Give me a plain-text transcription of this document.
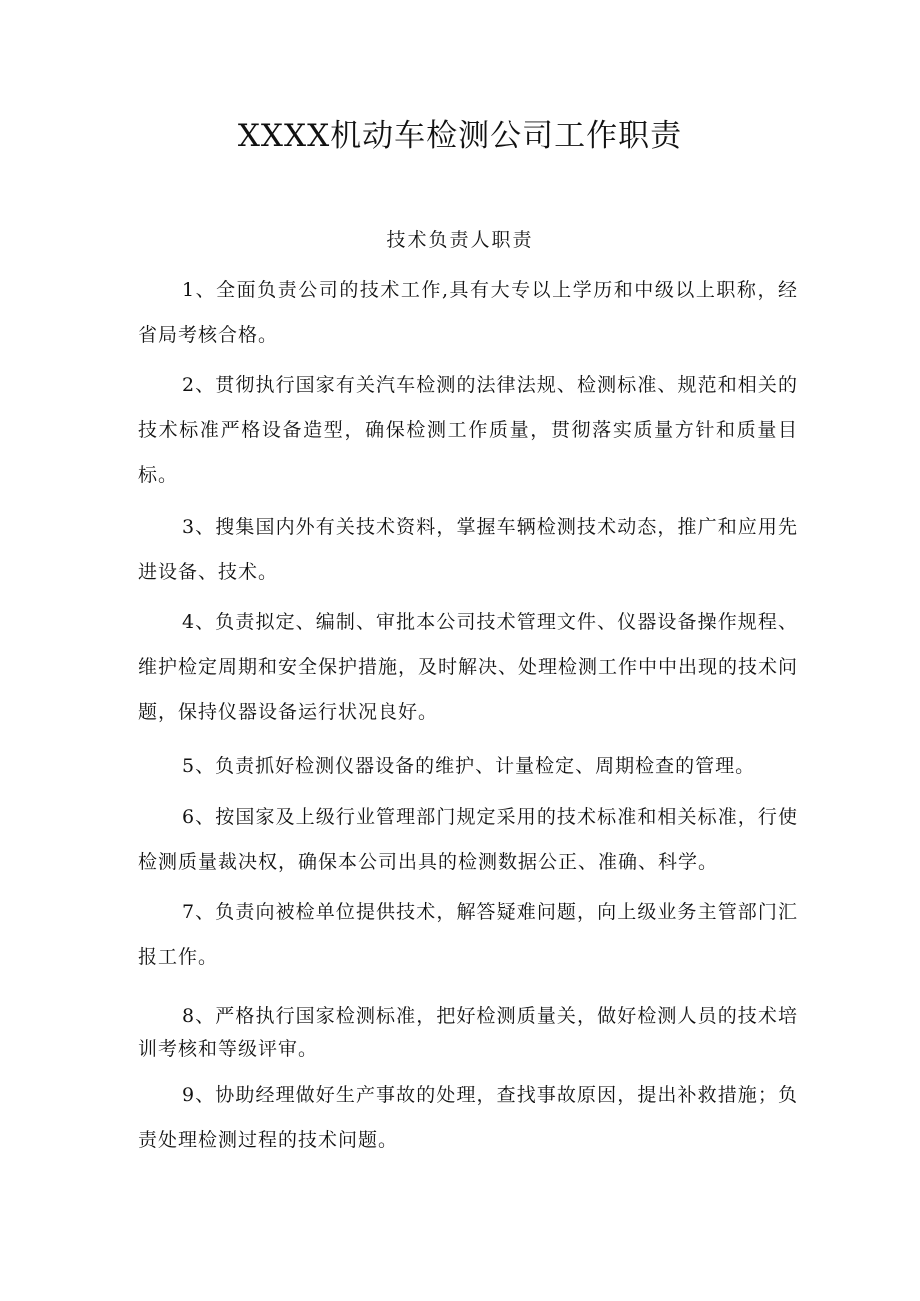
XXXX机动车检测公司工作职责
技术负责人职责

1、全面负责公司的技术工作,具有大专以上学历和中级以上职称，经省局考核合格。

2、贯彻执行国家有关汽车检测的法律法规、检测标准、规范和相关的技术标准严格设备造型，确保检测工作质量，贯彻落实质量方针和质量目标。

3、搜集国内外有关技术资料，掌握车辆检测技术动态，推广和应用先进设备、技术。

4、负责拟定、编制、审批本公司技术管理文件、仪器设备操作规程、维护检定周期和安全保护措施，及时解决、处理检测工作中中出现的技术问题，保持仪器设备运行状况良好。

5、负责抓好检测仪器设备的维护、计量检定、周期检查的管理。

6、按国家及上级行业管理部门规定采用的技术标准和相关标准，行使检测质量裁决权，确保本公司出具的检测数据公正、准确、科学。

7、负责向被检单位提供技术，解答疑难问题，向上级业务主管部门汇报工作。

8、严格执行国家检测标准，把好检测质量关，做好检测人员的技术培训考核和等级评审。

9、协助经理做好生产事故的处理，查找事故原因，提出补救措施；负责处理检测过程的技术问题。
